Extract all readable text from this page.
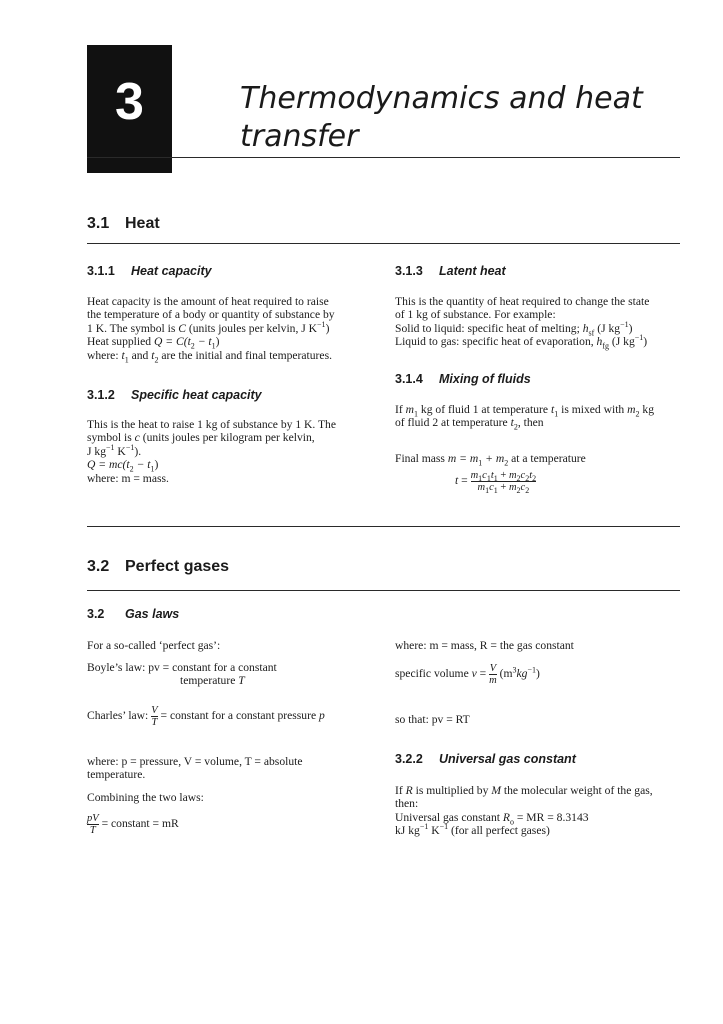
3	Thermodynamics and heat
transfer
3.1 Heat
3.1.1 Heat capacity

Heat capacity is the amount of heat required to raise

the temperature of a body or quantity of substance by

1 K. The symbol is C (units joules per kelvin, J $K^{-1}$)

Heat supplied $Q = C(t_2 - t_1)$

where: $t_1$ and $t_2$ are the initial and final temperatures.

3.1.2 Specific heat capacity

This is the heat to raise 1 kg of substance by 1 K. The

symbol is c (units joules per kilogram per kelvin,

J $kg^{-1}$ $K^{-1}$).

$Q = mc(t_2 - t_1)$

where: m = mass.

3.1.3 Latent heat

This is the quantity of heat required to change the state

of 1 kg of substance. For example:

Solid to liquid: specific heat of melting; $h_{sf}$ (J $kg^{-1}$)

Liquid to gas: specific heat of evaporation, $h_{fg}$ (J $kg^{-1}$)

3.1.4 Mixing of fluids

If $m_1$ kg of fluid 1 at temperature $t_1$ is mixed with $m_2$ kg

of fluid 2 at temperature $t_2$, then

Final mass $m = m_1 + m_2$ at a temperature

$t = \frac{m_1c_1t_1 + m_2c_2t_2}{m_1c_1 + m_2c_2}$
3.2 Perfect gases
3.2 Gas laws

For a so-called ‘perfect gas’:

Boyle’s law: pv = constant for a constant

temperature T

Charles’ law: $\frac{V}{T}$ = constant for a constant pressure p

where: p = pressure, V = volume, T = absolute

temperature.

Combining the two laws:

$\frac{pV}{T}$ = constant = mR

where: m = mass, R = the gas constant

specific volume $v = \frac{V}{m} (m^3kg^{-1})$

so that: pv = RT

3.2.2 Universal gas constant

If R is multiplied by M the molecular weight of the gas,

then:

Universal gas constant $R_o$ = MR = 8.3143

kJ $kg^{-1}$ $K^{-1}$ (for all perfect gases)
